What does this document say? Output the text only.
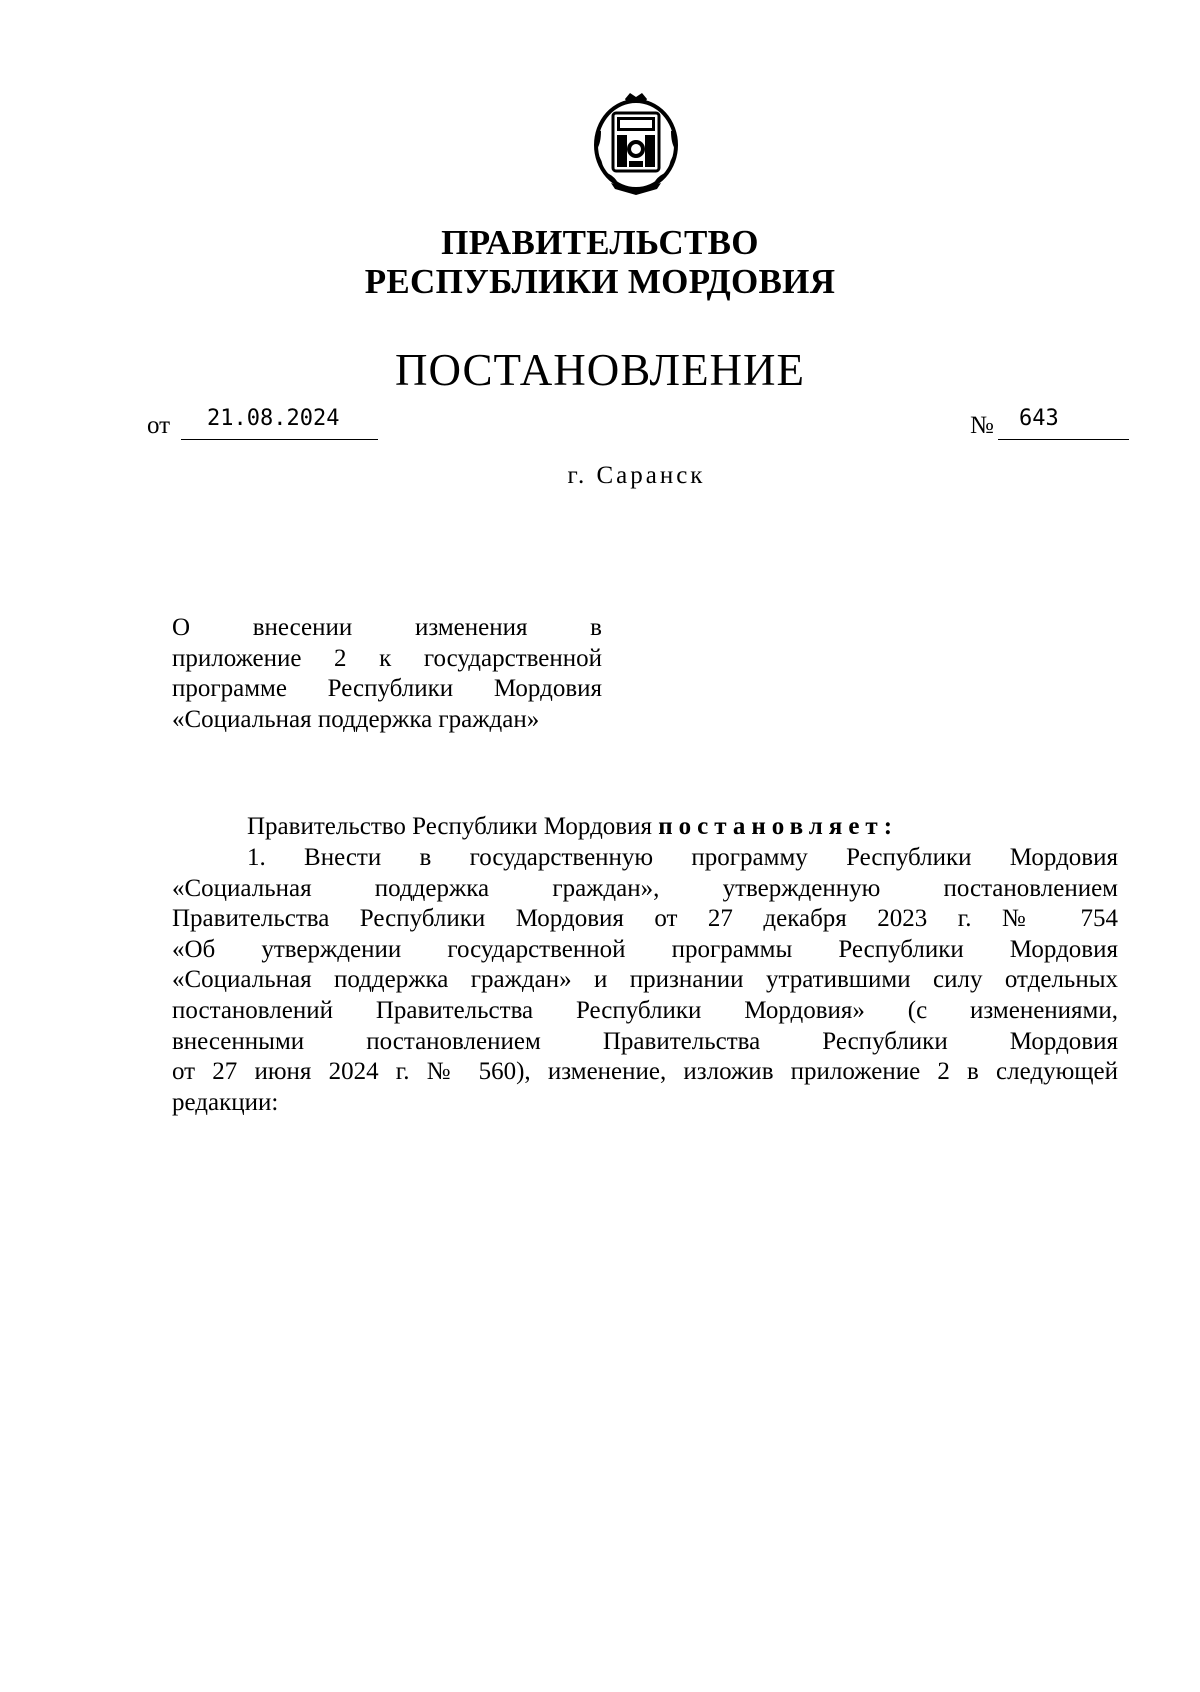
ПРАВИТЕЛЬСТВО
РЕСПУБЛИКИ МОРДОВИЯ
ПОСТАНОВЛЕНИЕ
от 21.08.2024	№ 643
г. Саранск
О внесении изменения в
приложение 2 к государственной
программе Республики Мордовия
«Социальная поддержка граждан»
Правительство Республики Мордовия постановляет:
1. Внести в государственную программу Республики Мордовия
«Социальная поддержка граждан», утвержденную постановлением
Правительства Республики Мордовия от 27 декабря 2023 г. № 754
«Об утверждении государственной программы Республики Мордовия
«Социальная поддержка граждан» и признании утратившими силу отдельных
постановлений Правительства Республики Мордовия» (с изменениями,
внесенными постановлением Правительства Республики Мордовия
от 27 июня 2024 г. № 560), изменение, изложив приложение 2 в следующей
редакции:
